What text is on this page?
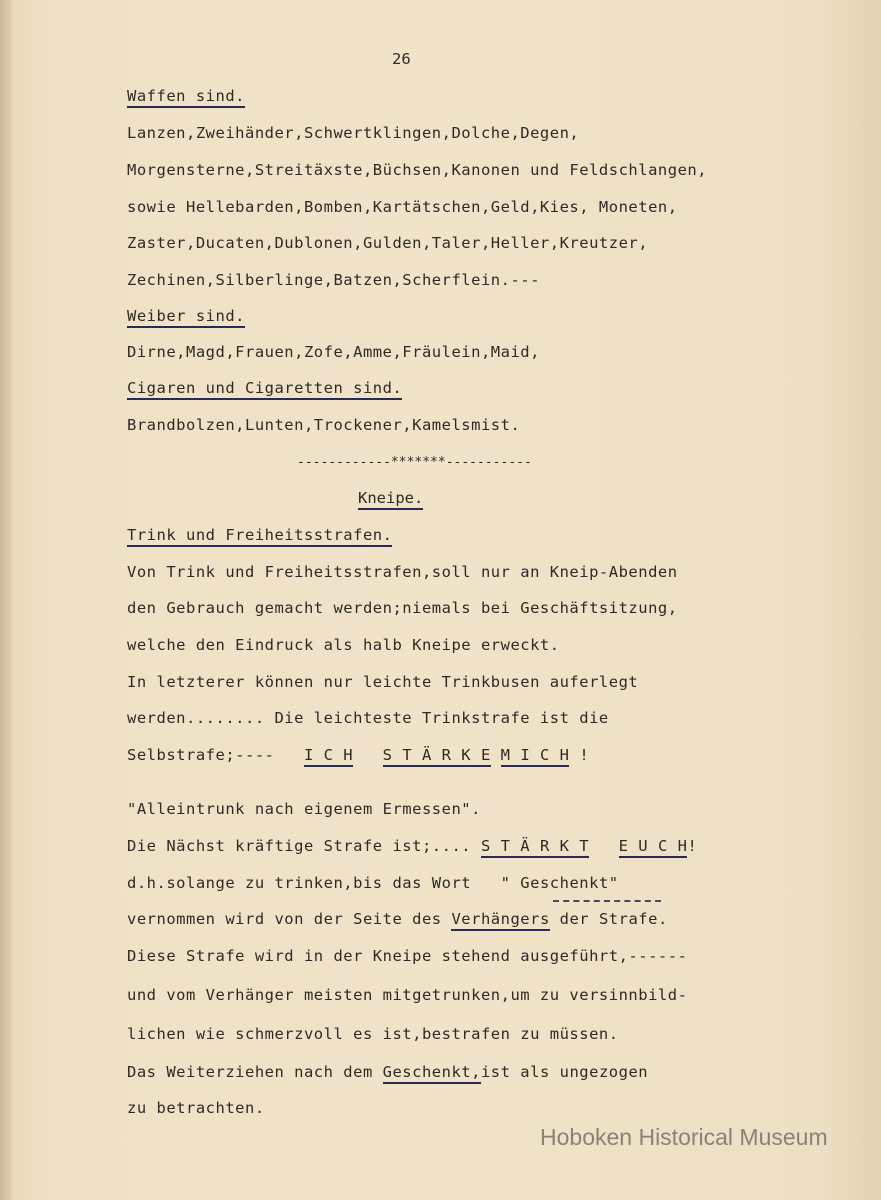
26
Waffen sind.
Lanzen,Zweihänder,Schwertklingen,Dolche,Degen,
Morgensterne,Streitäxste,Büchsen,Kanonen und Feldschlangen,
sowie Hellebarden,Bomben,Kartätschen,Geld,Kies, Moneten,
Zaster,Ducaten,Dublonen,Gulden,Taler,Heller,Kreutzer,
Zechinen,Silberlinge,Batzen,Scherflein.---
Weiber sind.
Dirne,Magd,Frauen,Zofe,Amme,Fräulein,Maid,
Cigaren und Cigaretten sind.
Brandbolzen,Lunten,Trockener,Kamelsmist.
------------*******-----------
Kneipe.
Trink und Freiheitsstrafen.
Von Trink und Freiheitsstrafen,soll nur an Kneip-Abenden
den Gebrauch gemacht werden;niemals bei Geschäftsitzung,
welche den Eindruck als halb Kneipe erweckt.
In letzterer können nur leichte Trinkbusen auferlegt
werden........ Die leichteste Trinkstrafe ist die
Selbstrafe;---- I C H S T Ä R K E M I C H !
"Alleintrunk nach eigenem Ermessen".
Die Nächst kräftige Strafe ist;.... S T Ä R K T E U C H!
d.h.solange zu trinken,bis das Wort " Geschenkt"
vernommen wird von der Seite des Verhängers der Strafe.
Diese Strafe wird in der Kneipe stehend ausgeführt,------
und vom Verhänger meisten mitgetrunken,um zu versinnbild-
lichen wie schmerzvoll es ist,bestrafen zu müssen.
Das Weiterziehen nach dem Geschenkt,ist als ungezogen
zu betrachten.
Hoboken Historical Museum
